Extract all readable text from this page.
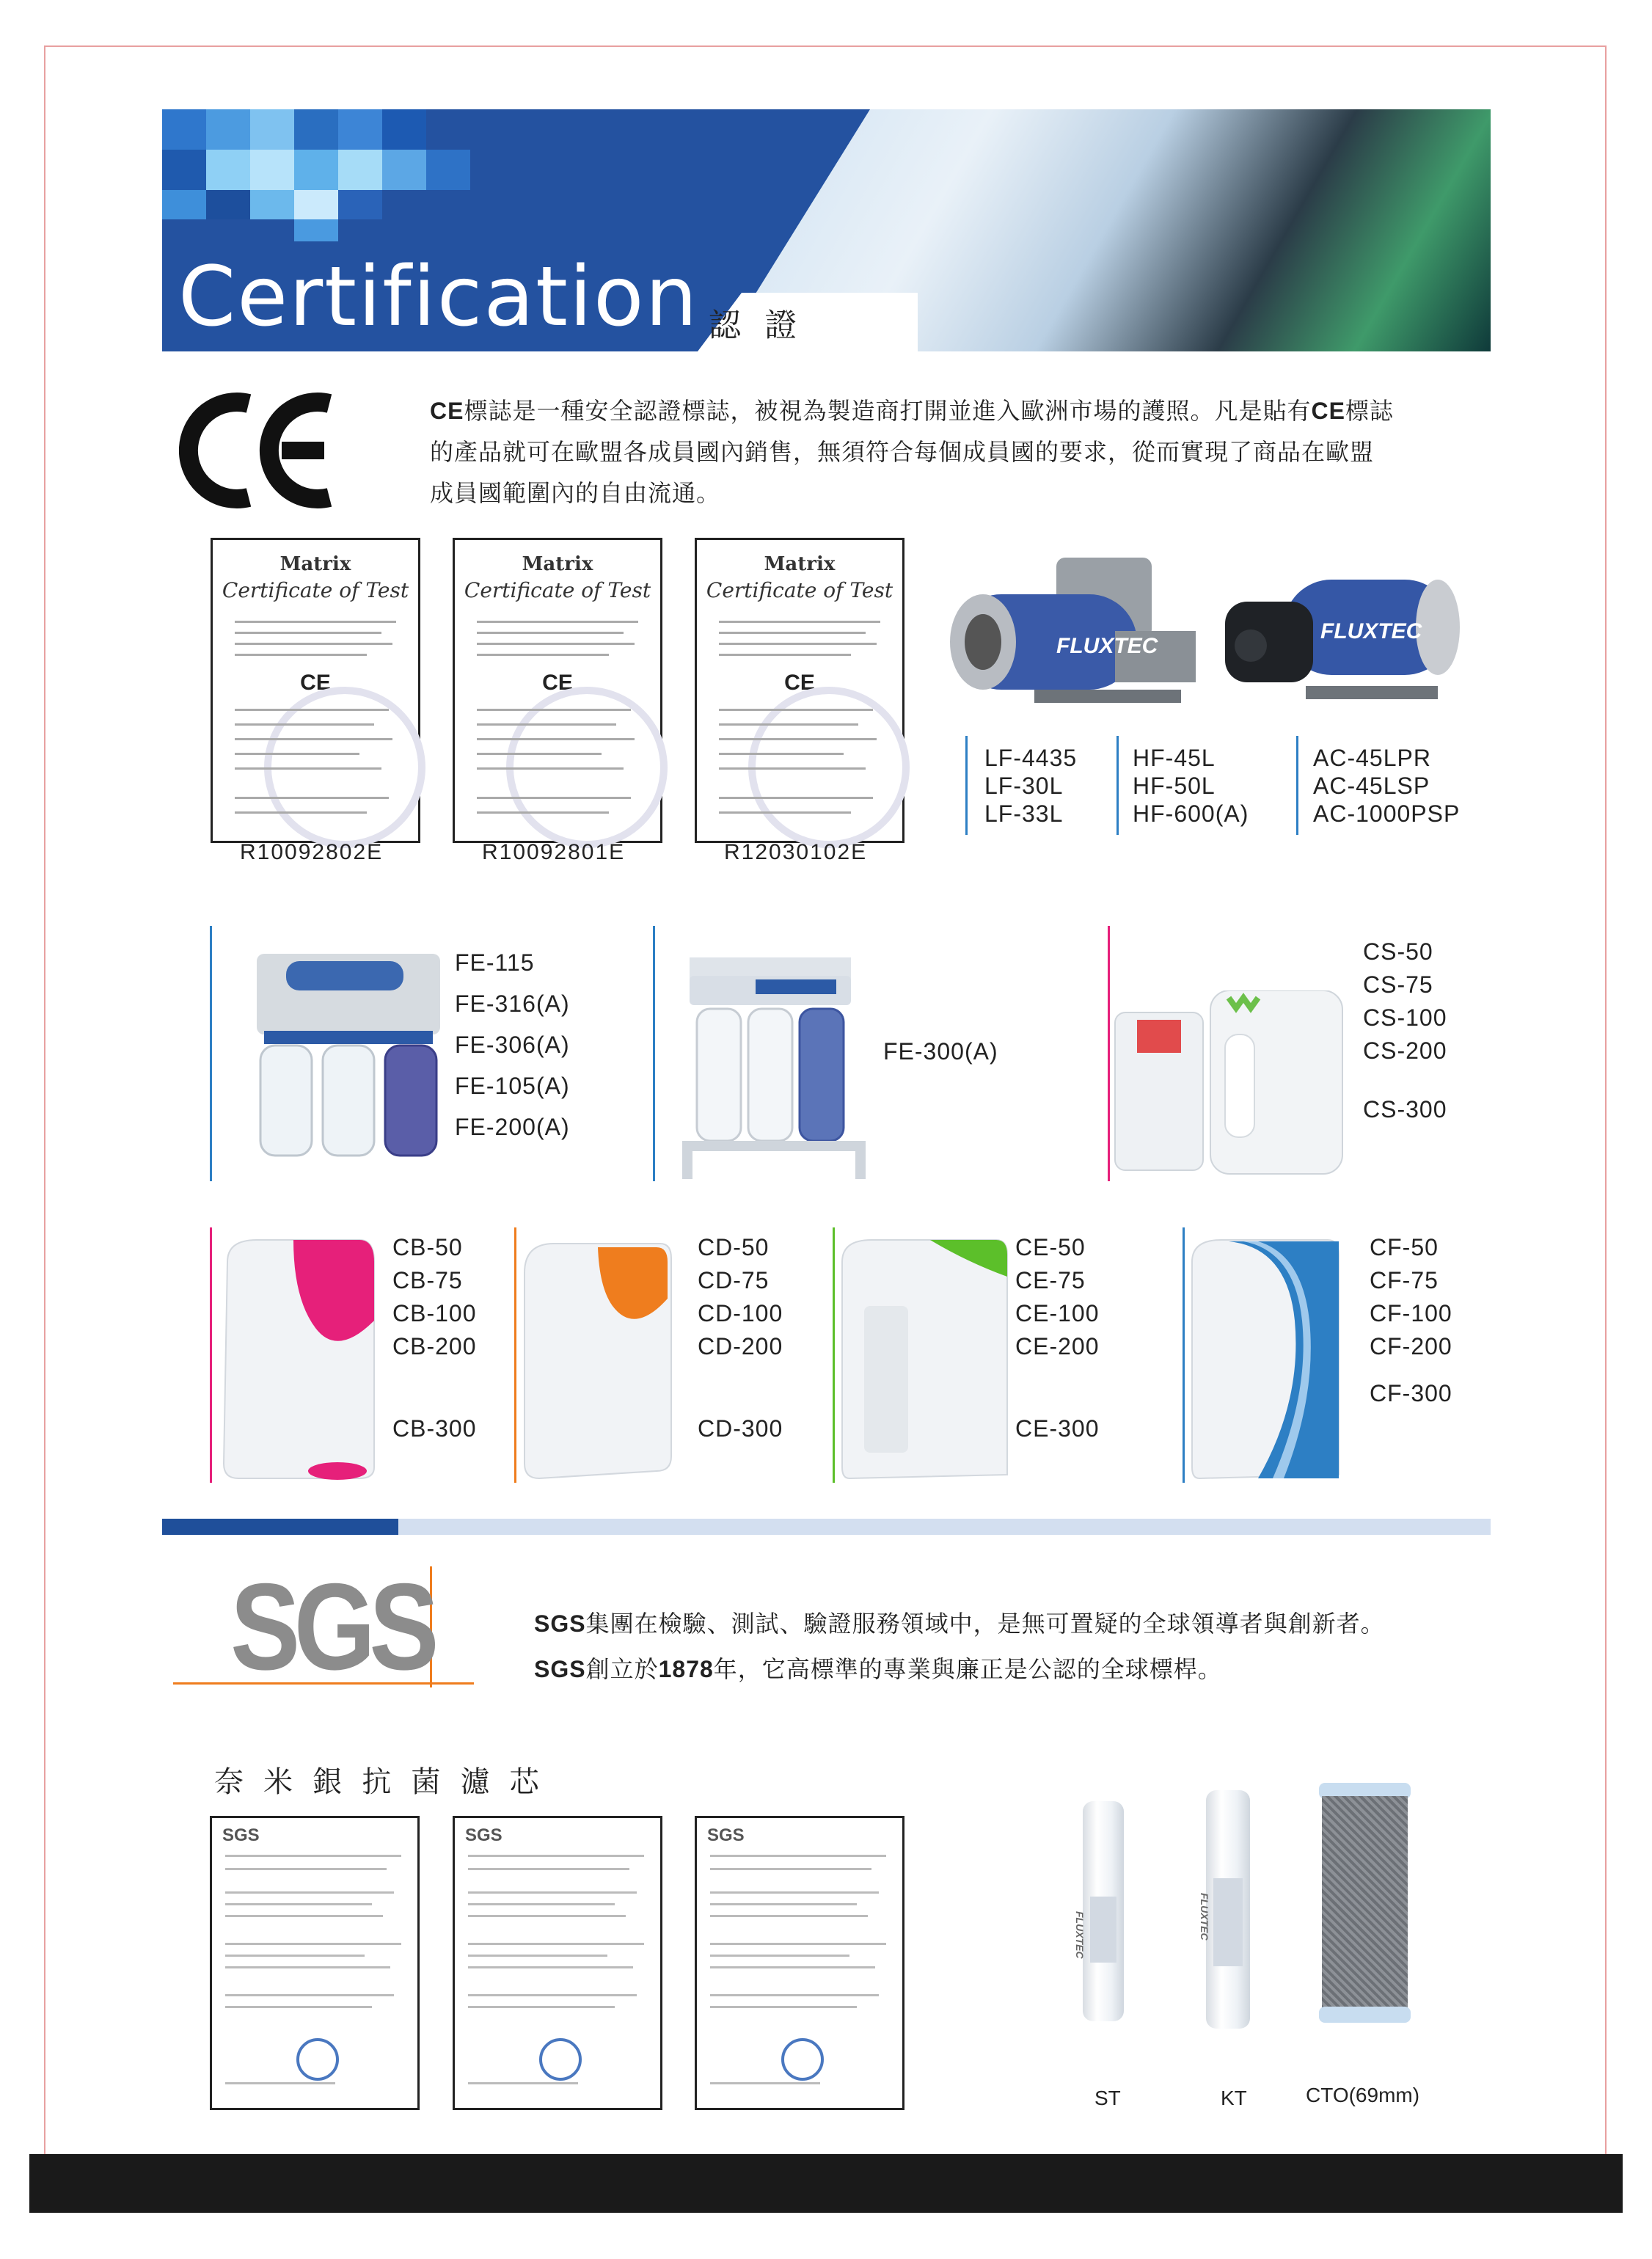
Certification 認 證
CE標誌是一種安全認證標誌，被視為製造商打開並進入歐洲市場的護照。凡是貼有CE標誌
的產品就可在歐盟各成員國內銷售，無須符合每個成員國的要求，從而實現了商品在歐盟
成員國範圍內的自由流通。
Matrix
Certificate of Test
CE
R10092802E
Matrix
Certificate of Test
CE
R10092801E
Matrix
Certificate of Test
CE
R12030102E
FLUXTEC
FLUXTEC
LF-4435
LF-30L
LF-33L
HF-45L
HF-50L
HF-600(A)
AC-45LPR
AC-45LSP
AC-1000PSP
FE-115
FE-316(A)
FE-306(A)
FE-105(A)
FE-200(A)
FE-300(A)
CS-50
CS-75
CS-100
CS-200
CS-300
CB-50
CB-75
CB-100
CB-200
CB-300
CD-50
CD-75
CD-100
CD-200
CD-300
CE-50
CE-75
CE-100
CE-200
CE-300
CF-50
CF-75
CF-100
CF-200
CF-300
SGS	SGS集團在檢驗、測試、驗證服務領域中，是無可置疑的全球領導者與創新者。
SGS創立於1878年，它高標準的專業與廉正是公認的全球標桿。
奈 米 銀 抗 菌 濾 芯
SGS	SGS	SGS
FLUXTEC
ST
FLUXTEC
KT	CTO(69mm)
